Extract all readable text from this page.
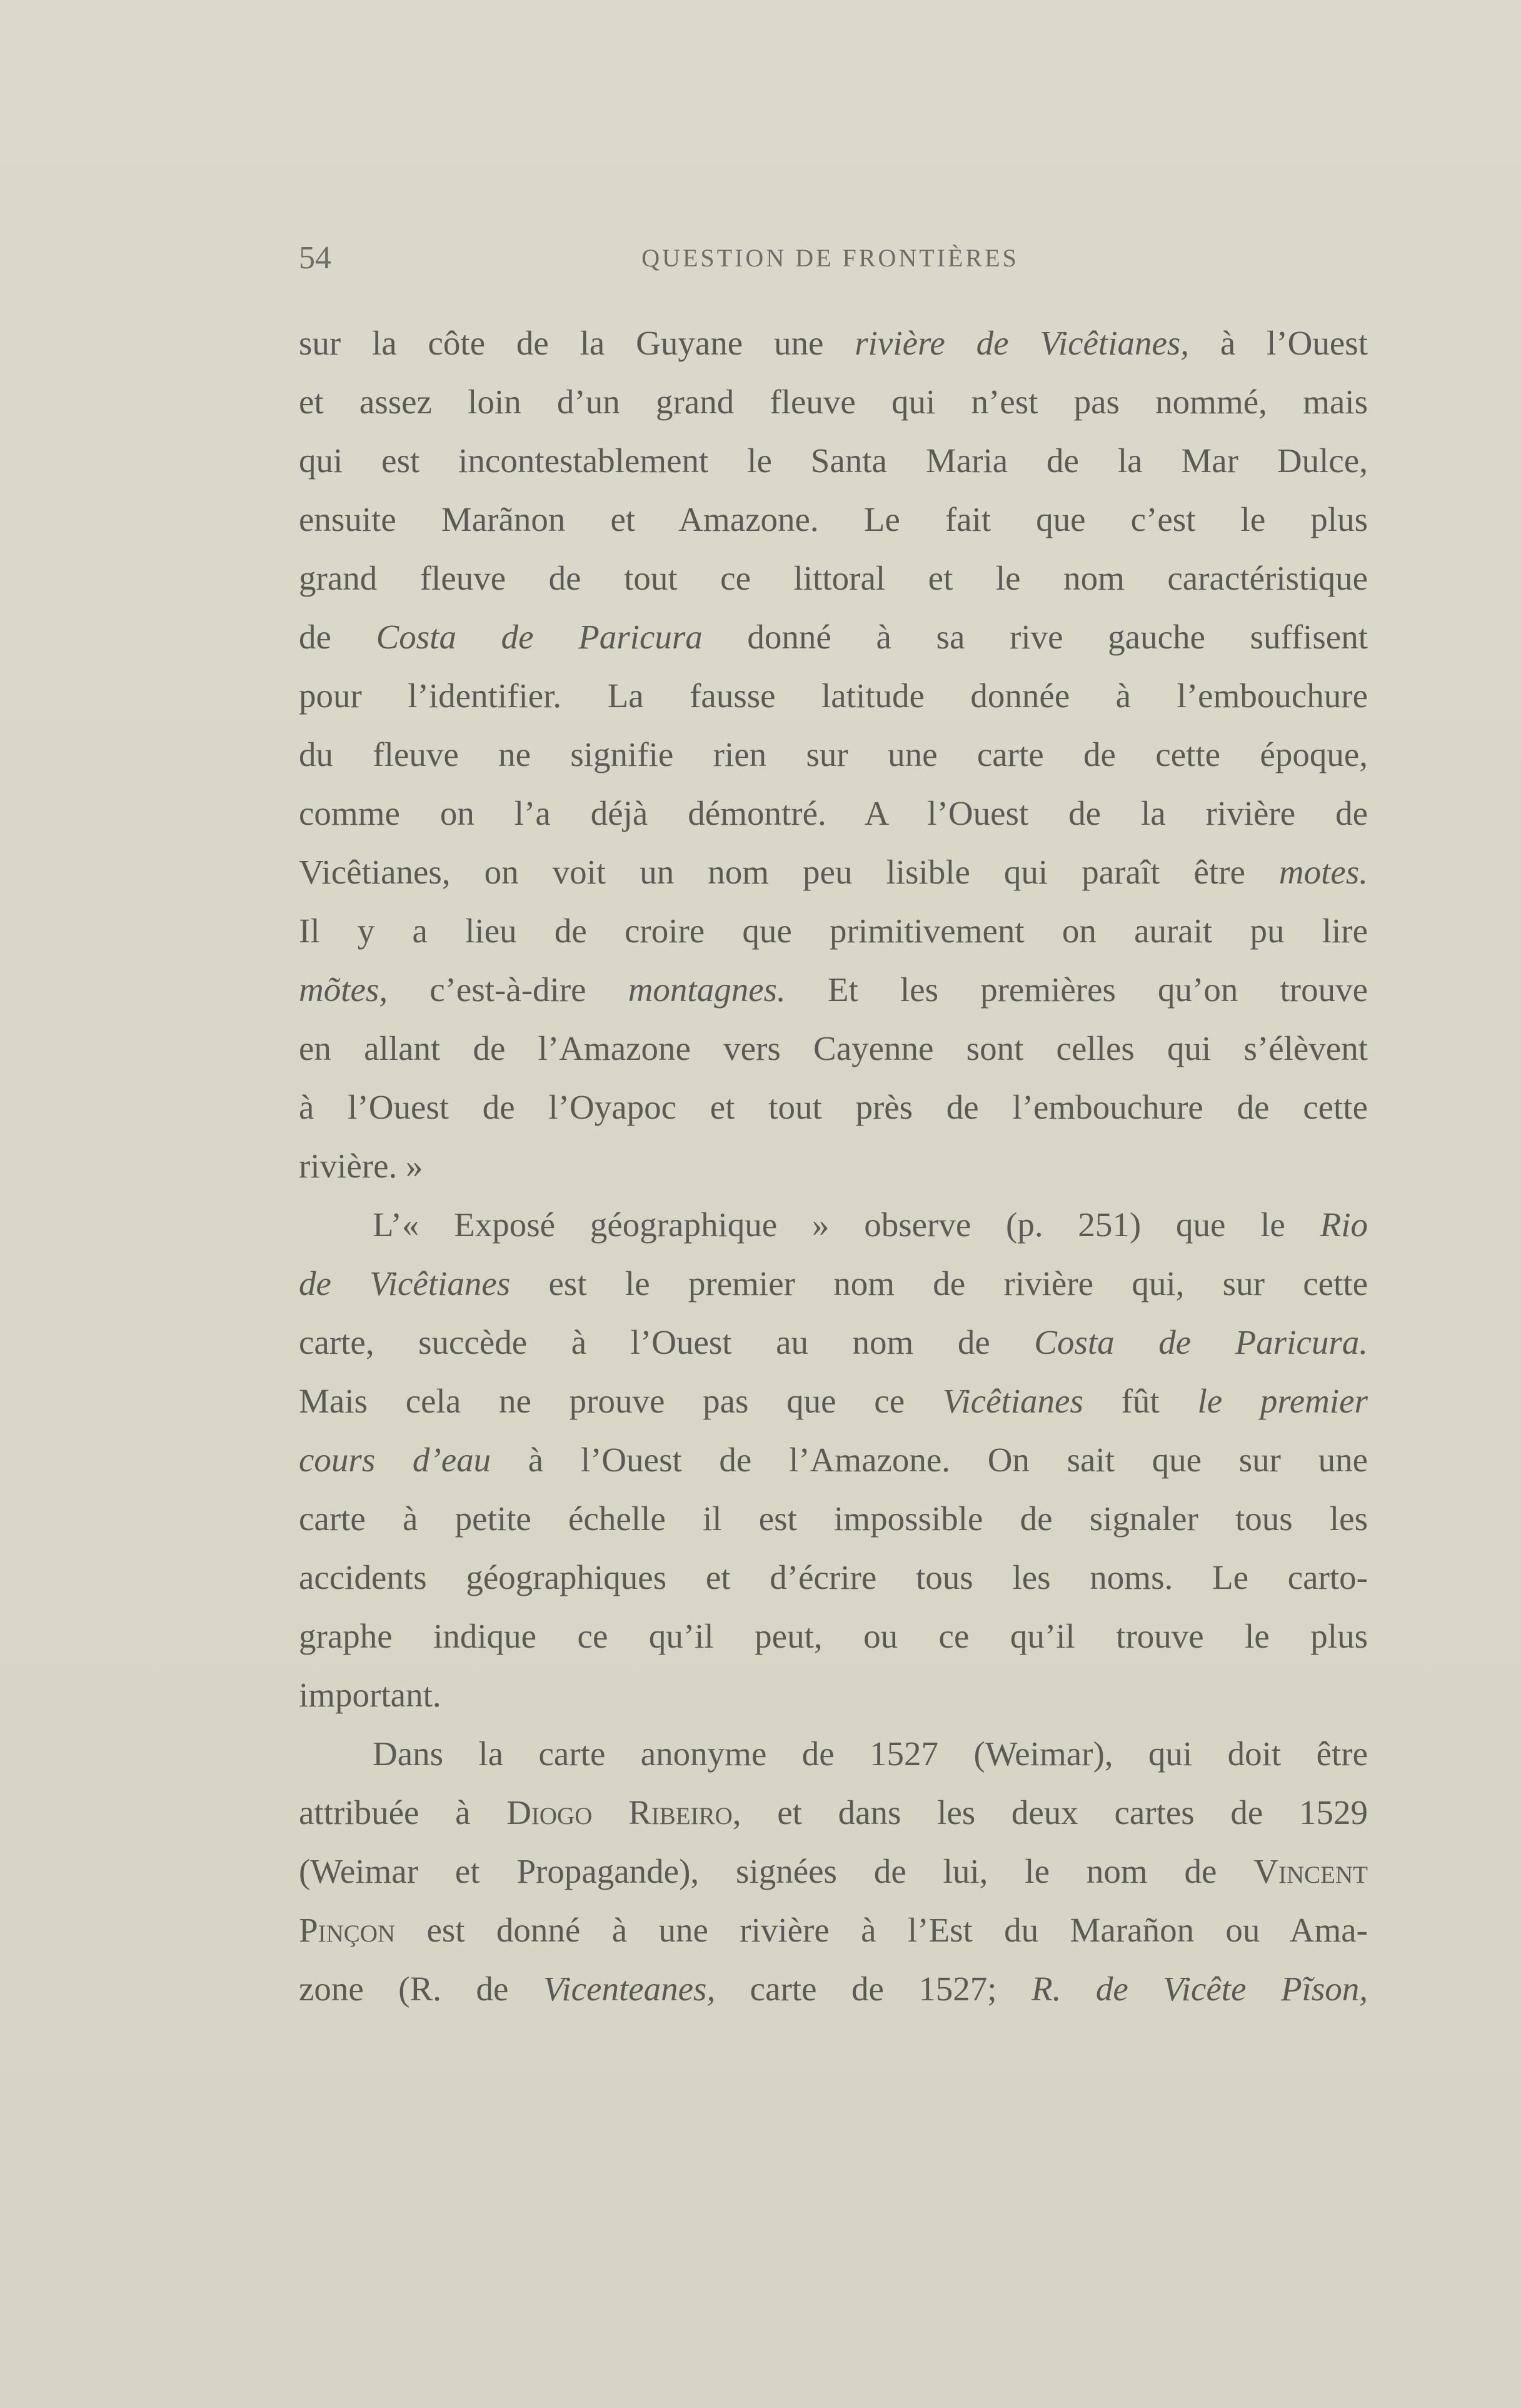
54	QUESTION DE FRONTIÈRES
sur la côte de la Guyane une rivière de Vicêtianes, à l’Ouest
et assez loin d’un grand fleuve qui n’est pas nommé, mais
qui est incontestablement le Santa Maria de la Mar Dulce,
ensuite Marãnon et Amazone. Le fait que c’est le plus
grand fleuve de tout ce littoral et le nom caractéristique
de Costa de Paricura donné à sa rive gauche suffisent
pour l’identifier. La fausse latitude donnée à l’embouchure
du fleuve ne signifie rien sur une carte de cette époque,
comme on l’a déjà démontré. A l’Ouest de la rivière de
Vicêtianes, on voit un nom peu lisible qui paraît être motes.
Il y a lieu de croire que primitivement on aurait pu lire
mõtes, c’est-à-dire montagnes. Et les premières qu’on trouve
en allant de l’Amazone vers Cayenne sont celles qui s’élèvent
à l’Ouest de l’Oyapoc et tout près de l’embouchure de cette
rivière. »
L’« Exposé géographique » observe (p. 251) que le Rio
de Vicêtianes est le premier nom de rivière qui, sur cette
carte, succède à l’Ouest au nom de Costa de Paricura.
Mais cela ne prouve pas que ce Vicêtianes fût le premier
cours d’eau à l’Ouest de l’Amazone. On sait que sur une
carte à petite échelle il est impossible de signaler tous les
accidents géographiques et d’écrire tous les noms. Le carto-
graphe indique ce qu’il peut, ou ce qu’il trouve le plus
important.
Dans la carte anonyme de 1527 (Weimar), qui doit être
attribuée à Diogo Ribeiro, et dans les deux cartes de 1529
(Weimar et Propagande), signées de lui, le nom de Vincent
Pinçon est donné à une rivière à l’Est du Marañon ou Ama-
zone (R. de Vicenteanes, carte de 1527; R. de Vicête Pĩson,
